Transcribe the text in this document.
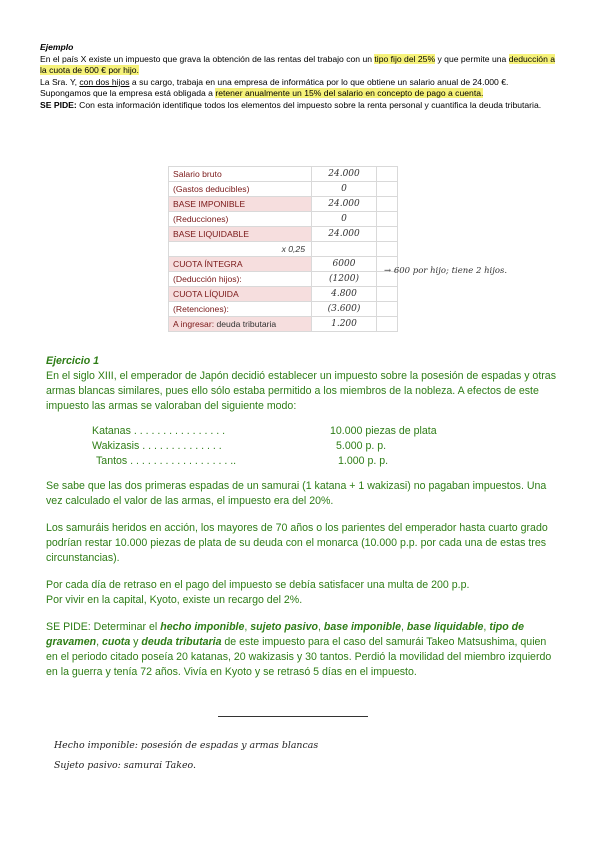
Ejemplo

En el país X existe un impuesto que grava la obtención de las rentas del trabajo con un tipo fijo del 25% y que permite una deducción a la cuota de 600 € por hijo.

La Sra. Y, con dos hijos a su cargo, trabaja en una empresa de informática por lo que obtiene un salario anual de 24.000 €. Supongamos que la empresa está obligada a retener anualmente un 15% del salario en concepto de pago a cuenta.

SE PIDE: Con esta información identifique todos los elementos del impuesto sobre la renta personal y cuantifica la deuda tributaria.

Salario bruto	24.000	
(Gastos deducibles)	0	
BASE IMPONIBLE	24.000	
(Reducciones)	0	
BASE LIQUIDABLE	24.000	
x 0,25		
CUOTA ÍNTEGRA	6000	
(Deducción hijos):	(1200)	
CUOTA LÍQUIDA	4.800	
(Retenciones):	(3.600)	
A ingresar: deuda tributaria	1.200	
→ 600 por hijo; tiene 2 hijos.

Ejercicio 1

En el siglo XIII, el emperador de Japón decidió establecer un impuesto sobre la posesión de espadas y otras armas blancas similares, pues ello sólo estaba permitido a los miembros de la nobleza. A efectos de este impuesto las armas se valoraban del siguiente modo:

Katanas . . . . . . . . . . . . . . . .	10.000 piezas de plata
Wakizasis . . . . . . . . . . . . . .	5.000 p. p.
Tantos . . . . . . . . . . . . . . . . . ..	1.000 p. p.

Se sabe que las dos primeras espadas de un samurai (1 katana + 1 wakizasi) no pagaban impuestos. Una vez calculado el valor de las armas, el impuesto era del 20%.

Los samuráis heridos en acción, los mayores de 70 años o los parientes del emperador hasta cuarto grado podrían restar 10.000 piezas de plata de su deuda con el monarca (10.000 p.p. por cada una de estas tres circunstancias).

Por cada día de retraso en el pago del impuesto se debía satisfacer una multa de 200 p.p.

Por vivir en la capital, Kyoto, existe un recargo del 2%.

SE PIDE: Determinar el hecho imponible, sujeto pasivo, base imponible, base liquidable, tipo de gravamen, cuota y deuda tributaria de este impuesto para el caso del samurái Takeo Matsushima, quien en el periodo citado poseía 20 katanas, 20 wakizasis y 30 tantos. Perdió la movilidad del miembro izquierdo en la guerra y tenía 72 años. Vivía en Kyoto y se retrasó 5 días en el impuesto.

Hecho imponible: posesión de espadas y armas blancas
Sujeto pasivo: samurai Takeo.
